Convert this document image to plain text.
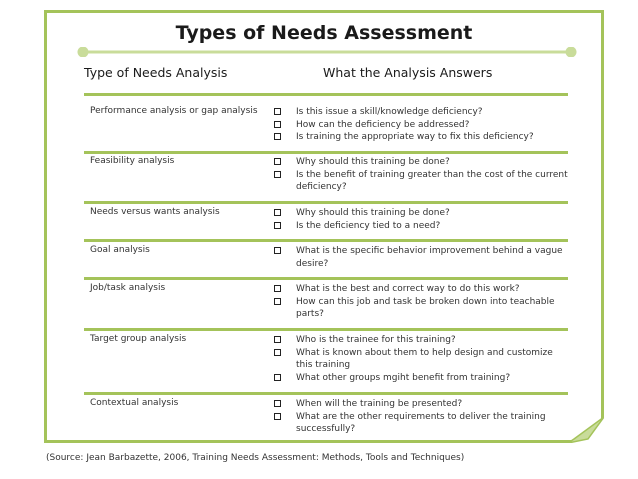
Types of Needs Assessment
Type of Needs Analysis	What the Analysis Answers
Performance analysis or gap analysis	Is this issue a skill/knowledge deficiency?
How can the deficiency be addressed?
Is training the appropriate way to fix this deficiency?
Feasibility analysis	Why should this training be done?
Is the benefit of training greater than the cost of the current deficiency?
Needs versus wants analysis	Why should this training be done?
Is the deficiency tied to a need?
Goal analysis	What is the specific behavior improvement behind a vague desire?
Job/task analysis	What is the best and correct way to do this work?
How can this job and task be broken down into teachable parts?
Target group analysis	Who is the trainee for this training?
What is known about them to help design and customize this training
What other groups mgiht benefit from training?
Contextual analysis	When will the training be presented?
What are the other requirements to deliver the training successfully?
(Source: Jean Barbazette, 2006, Training Needs Assessment: Methods, Tools and Techniques)
